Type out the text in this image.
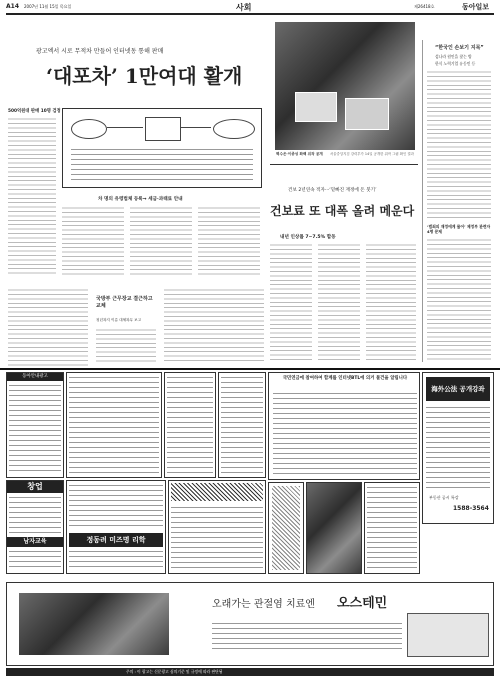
A14 2007년 11월 15일 목요일	사회	제26418호	동아일보
광고엑서 시로 무적차 만들어 인터넷동 통해 판매
‘대포차’ 1만여대 활개
500억원대 판매 10명 검정
차 명의 유령법체 등록→ 세금·과태료 안내
벽수은·이종성 화백 위작 공개 서울중앙지검 강력부가 14일 공개한 위작 그림 확인 결과
건보 2년연속 적자···‘밑빠진 재정에 돈 붓기’
건보료 또 대폭 올려 메운다
내년 인상률 7~7.5% 합동
“한국인 손보기 지목”
섬나라 원인을 찾는 방
한식 노력기업 유동민 등
‘범죄의 재정에게 물어’ 제정부 관련자 4명 문제
국방부 근무장교 결근하고 교체
청년복지 이름 대체복무 보고
동아안내광고	국민연금에 참여하여 합계를 인터넷BTL에 의거 물건을 알립니다
海外公法 공개강좌
부동산 공시 특강
1588-3564
창업
남자교육	정동려 미즈명 리학
오래가는 관절염 치료엔 오스테민
주의 : 이 광고는 신문광고 심의기준 및 규정에 따라 판단됨
